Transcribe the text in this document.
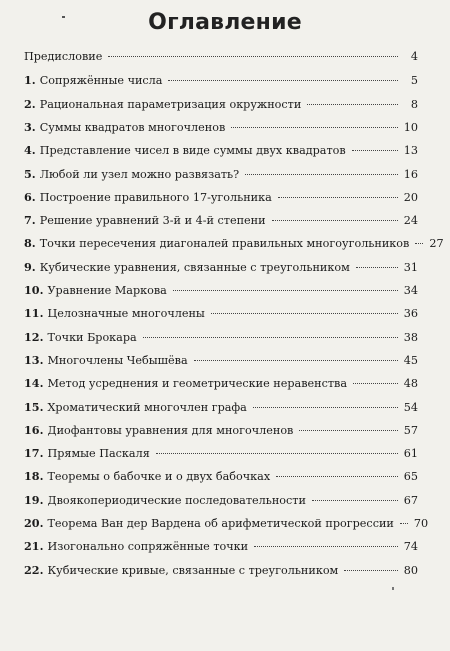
Оглавление
Предисловие	4
1. Сопряжённые числа	5
2. Рациональная параметризация окружности	8
3. Суммы квадратов многочленов	10
4. Представление чисел в виде суммы двух квадратов	13
5. Любой ли узел можно развязать?	16
6. Построение правильного 17-угольника	20
7. Решение уравнений 3-й и 4-й степени	24
8. Точки пересечения диагоналей правильных многоугольников 27
9. Кубические уравнения, связанные с треугольником	31
10. Уравнение Маркова	34
11. Целозначные многочлены	36
12. Точки Брокара	38
13. Многочлены Чебышёва	45
14. Метод усреднения и геометрические неравенства	48
15. Хроматический многочлен графа	54
16. Диофантовы уравнения для многочленов	57
17. Прямые Паскаля	61
18. Теоремы о бабочке и о двух бабочках	65
19. Двоякопериодические последовательности	67
20. Теорема Ван дер Вардена об арифметической прогрессии 70
21. Изогонально сопряжённые точки	74
22. Кубические кривые, связанные с треугольником	80
